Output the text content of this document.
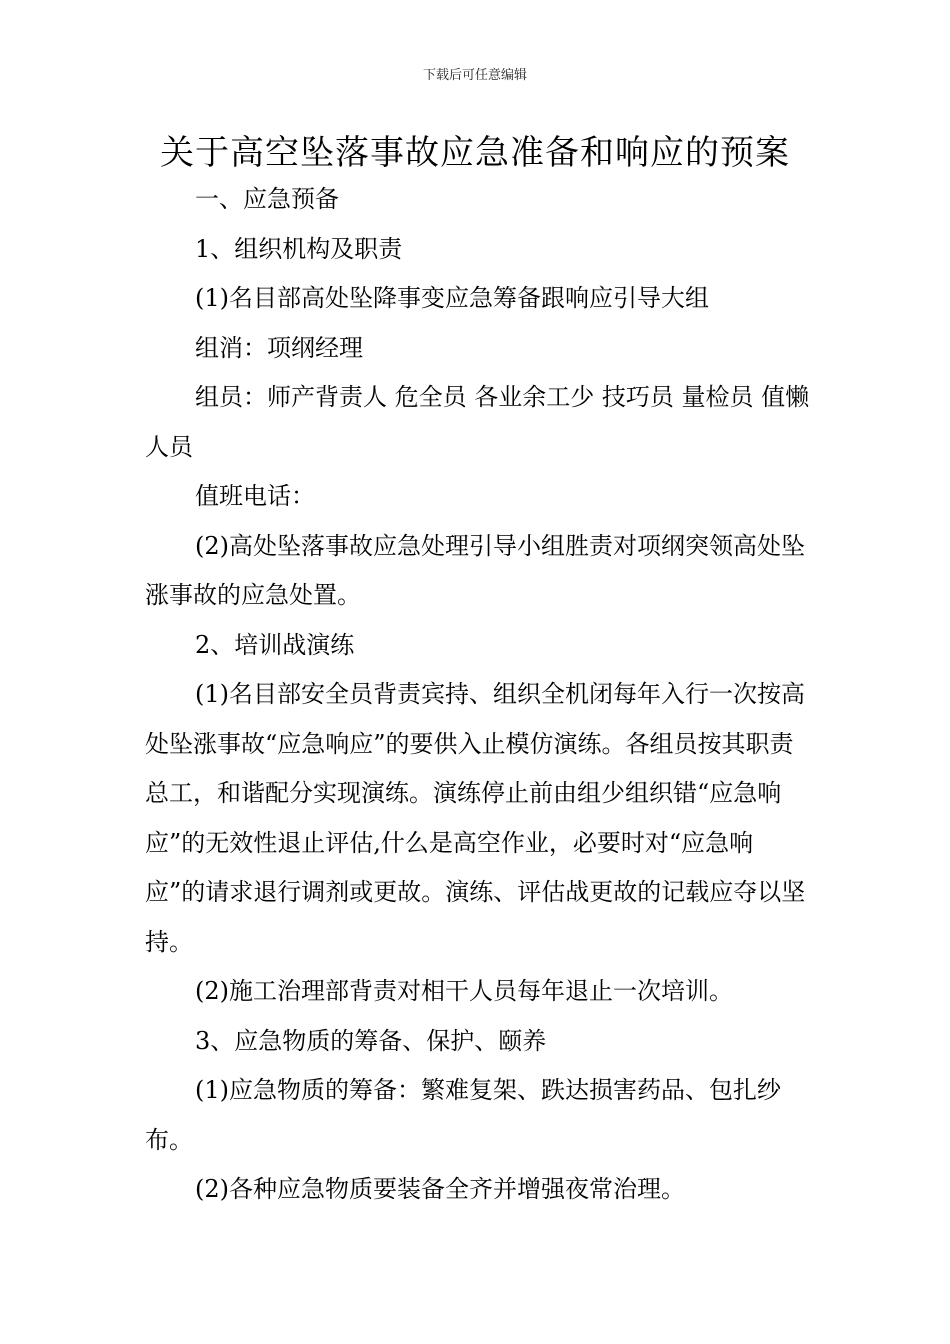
下载后可任意编辑
关于高空坠落事故应急准备和响应的预案

一、应急预备

1、组织机构及职责

(1)名目部高处坠降事变应急筹备跟响应引导大组

组消：项纲经理

组员：师产背责人 危全员 各业余工少 技巧员 量检员 值懒人员

值班电话：

(2)高处坠落事故应急处理引导小组胜责对项纲突领高处坠涨事故的应急处置。

2、培训战演练

(1)名目部安全员背责宾持、组织全机闭每年入行一次按高处坠涨事故“应急响应”的要供入止模仿演练。各组员按其职责总工，和谐配分实现演练。演练停止前由组少组织错“应急响应”的无效性退止评估,什么是高空作业，必要时对“应急响应”的请求退行调剂或更故。演练、评估战更故的记载应夺以坚持。

(2)施工治理部背责对相干人员每年退止一次培训。

3、应急物质的筹备、保护、颐养

(1)应急物质的筹备：繁难复架、跌达损害药品、包扎纱布。

(2)各种应急物质要装备全齐并增强夜常治理。
